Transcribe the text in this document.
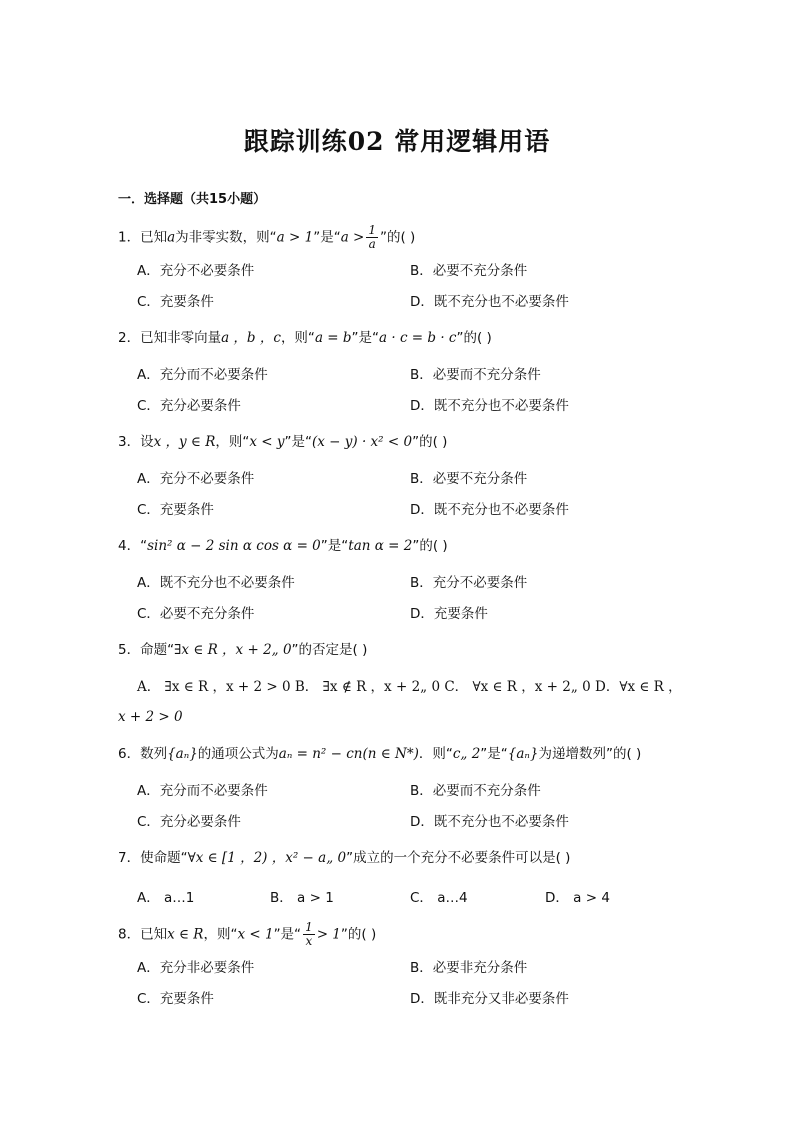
跟踪训练02 常用逻辑用语
一．选择题（共15小题）
1．已知a为非零实数，则“a > 1”是“$a > \frac{1}{a}$ ”的( )
A．充分不必要条件	B．必要不充分条件
C．充要条件	D．既不充分也不必要条件
2．已知非零向量a ，b ，c，则“a = b”是“a · c = b · c”的( )
A．充分而不必要条件	B．必要而不充分条件
C．充分必要条件	D．既不充分也不必要条件
3．设x ，y ∈ R，则“x < y”是“(x − y) · x² < 0”的( )
A．充分不必要条件	B．必要不充分条件
C．充要条件	D．既不充分也不必要条件
4．“sin² α − 2 sin α cos α = 0”是“tan α = 2”的( )
A．既不充分也不必要条件	B．充分不必要条件
C．必要不充分条件	D．充要条件
5．命题“∃x ∈ R ，x + 2„ 0”的否定是( )
A． ∃x ∈ R ，x + 2 > 0 B． ∃x ∉ R ，x + 2„ 0 C． ∀x ∈ R ，x + 2„ 0 D．∀x ∈ R ，
x + 2 > 0
6．数列{aₙ}的通项公式为aₙ = n² − cn(n ∈ N*)．则“c„ 2”是“{aₙ}为递增数列”的( )
A．充分而不必要条件	B．必要而不充分条件
C．充分必要条件	D．既不充分也不必要条件
7．使命题“∀x ∈ [1 ，2) ，x² − a„ 0”成立的一个充分不必要条件可以是( )
A． a…1	B． a > 1	C． a…4	D． a > 4
8．已知x ∈ R，则“x < 1”是“ $\frac{1}{x} > 1$”的( )
A．充分非必要条件	B．必要非充分条件
C．充要条件	D．既非充分又非必要条件
